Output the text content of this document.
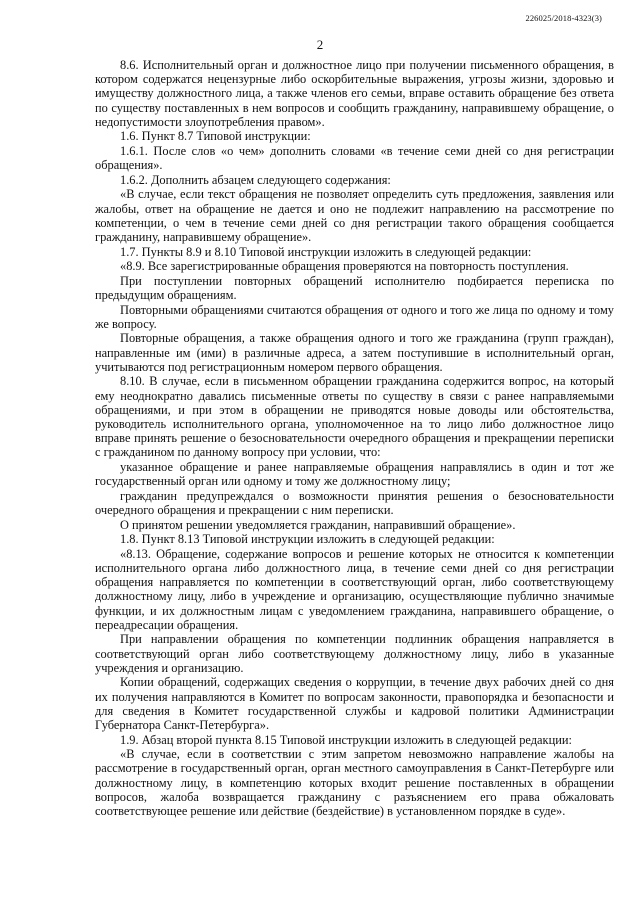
226025/2018-4323(3)
2

8.6. Исполнительный орган и должностное лицо при получении письменного обращения, в котором содержатся нецензурные либо оскорбительные выражения, угрозы жизни, здоровью и имуществу должностного лица, а также членов его семьи, вправе оставить обращение без ответа по существу поставленных в нем вопросов и сообщить гражданину, направившему обращение, о недопустимости злоупотребления правом».

1.6. Пункт 8.7 Типовой инструкции:

1.6.1. После слов «о чем» дополнить словами «в течение семи дней со дня регистрации обращения».

1.6.2. Дополнить абзацем следующего содержания:

«В случае, если текст обращения не позволяет определить суть предложения, заявления или жалобы, ответ на обращение не дается и оно не подлежит направлению на рассмотрение по компетенции, о чем в течение семи дней со дня регистрации такого обращения сообщается гражданину, направившему обращение».

1.7. Пункты 8.9 и 8.10 Типовой инструкции изложить в следующей редакции:

«8.9. Все зарегистрированные обращения проверяются на повторность поступления.

При поступлении повторных обращений исполнителю подбирается переписка по предыдущим обращениям.

Повторными обращениями считаются обращения от одного и того же лица по одному и тому же вопросу.

Повторные обращения, а также обращения одного и того же гражданина (групп граждан), направленные им (ими) в различные адреса, а затем поступившие в исполнительный орган, учитываются под регистрационным номером первого обращения.

8.10. В случае, если в письменном обращении гражданина содержится вопрос, на который ему неоднократно давались письменные ответы по существу в связи с ранее направляемыми обращениями, и при этом в обращении не приводятся новые доводы или обстоятельства, руководитель исполнительного органа, уполномоченное на то лицо либо должностное лицо вправе принять решение о безосновательности очередного обращения и прекращении переписки с гражданином по данному вопросу при условии, что:

указанное обращение и ранее направляемые обращения направлялись в один и тот же государственный орган или одному и тому же должностному лицу;

гражданин предупреждался о возможности принятия решения о безосновательности очередного обращения и прекращении с ним переписки.

О принятом решении уведомляется гражданин, направивший обращение».

1.8. Пункт 8.13 Типовой инструкции изложить в следующей редакции:

«8.13. Обращение, содержание вопросов и решение которых не относится к компетенции исполнительного органа либо должностного лица, в течение семи дней со дня регистрации обращения направляется по компетенции в соответствующий орган, либо соответствующему должностному лицу, либо в учреждение и организацию, осуществляющие публично значимые функции, и их должностным лицам с уведомлением гражданина, направившего обращение, о переадресации обращения.

При направлении обращения по компетенции подлинник обращения направляется в соответствующий орган либо соответствующему должностному лицу, либо в указанные учреждения и организацию.

Копии обращений, содержащих сведения о коррупции, в течение двух рабочих дней со дня их получения направляются в Комитет по вопросам законности, правопорядка и безопасности и для сведения в Комитет государственной службы и кадровой политики Администрации Губернатора Санкт-Петербурга».

1.9. Абзац второй пункта 8.15 Типовой инструкции изложить в следующей редакции:

«В случае, если в соответствии с этим запретом невозможно направление жалобы на рассмотрение в государственный орган, орган местного самоуправления в Санкт-Петербурге или должностному лицу, в компетенцию которых входит решение поставленных в обращении вопросов, жалоба возвращается гражданину с разъяснением его права обжаловать соответствующее решение или действие (бездействие) в установленном порядке в суде».
